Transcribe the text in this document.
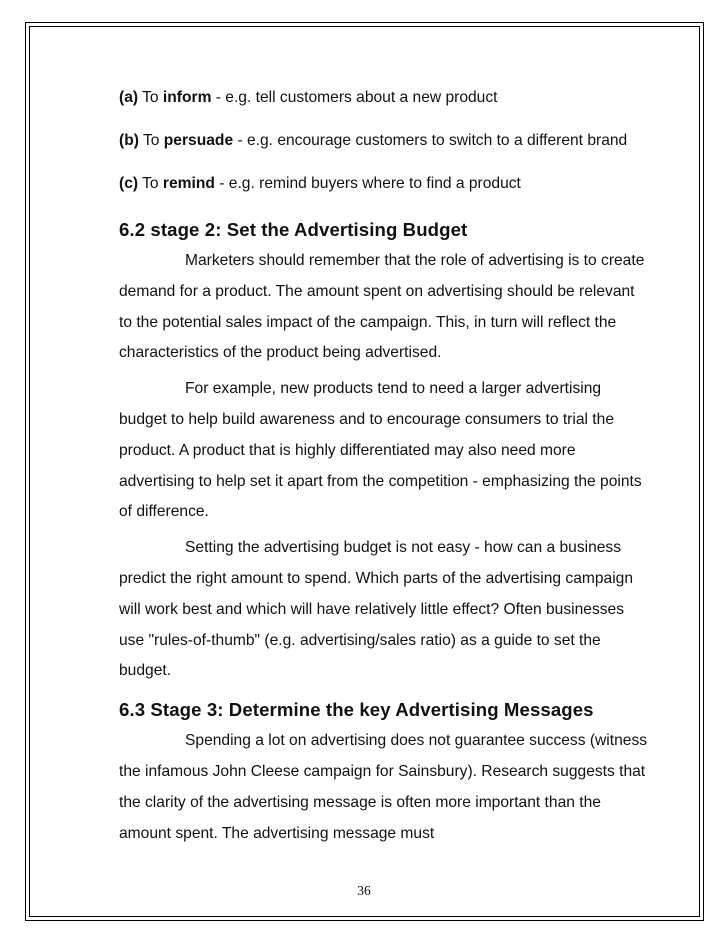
(a) To inform - e.g. tell customers about a new product

(b) To persuade - e.g. encourage customers to switch to a different brand

(c) To remind - e.g. remind buyers where to find a product

6.2 stage 2: Set the Advertising Budget

Marketers should remember that the role of advertising is to create demand for a product. The amount spent on advertising should be relevant to the potential sales impact of the campaign. This, in turn will reflect the characteristics of the product being advertised.

For example, new products tend to need a larger advertising budget to help build awareness and to encourage consumers to trial the product. A product that is highly differentiated may also need more advertising to help set it apart from the competition - emphasizing the points of difference.

Setting the advertising budget is not easy - how can a business predict the right amount to spend. Which parts of the advertising campaign will work best and which will have relatively little effect? Often businesses use "rules-of-thumb" (e.g. advertising/sales ratio) as a guide to set the budget.

6.3 Stage 3: Determine the key Advertising Messages

Spending a lot on advertising does not guarantee success (witness the infamous John Cleese campaign for Sainsbury). Research suggests that the clarity of the advertising message is often more important than the amount spent. The advertising message must

36
